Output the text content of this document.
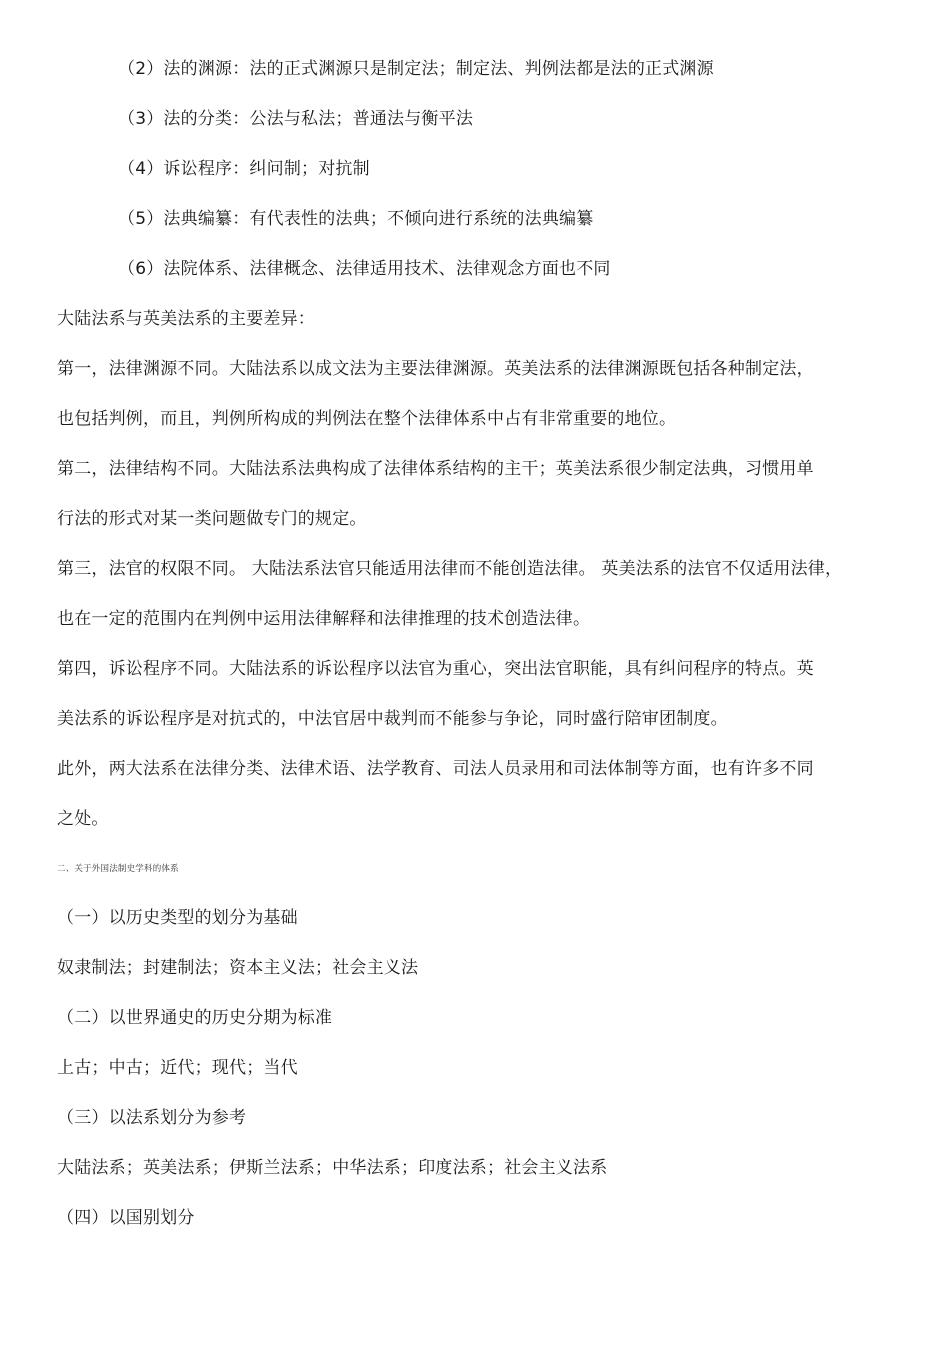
（2）法的渊源：法的正式渊源只是制定法；制定法、判例法都是法的正式渊源
（3）法的分类：公法与私法；普通法与衡平法
（4）诉讼程序：纠问制；对抗制
（5）法典编纂：有代表性的法典；不倾向进行系统的法典编纂
（6）法院体系、法律概念、法律适用技术、法律观念方面也不同
大陆法系与英美法系的主要差异：
第一，法律渊源不同。大陆法系以成文法为主要法律渊源。英美法系的法律渊源既包括各种制定法，
也包括判例，而且，判例所构成的判例法在整个法律体系中占有非常重要的地位。
第二，法律结构不同。大陆法系法典构成了法律体系结构的主干；英美法系很少制定法典，习惯用单
行法的形式对某一类问题做专门的规定。
第三，法官的权限不同。 大陆法系法官只能适用法律而不能创造法律。 英美法系的法官不仅适用法律，
也在一定的范围内在判例中运用法律解释和法律推理的技术创造法律。
第四，诉讼程序不同。大陆法系的诉讼程序以法官为重心，突出法官职能，具有纠问程序的特点。英
美法系的诉讼程序是对抗式的，中法官居中裁判而不能参与争论，同时盛行陪审团制度。
此外，两大法系在法律分类、法律术语、法学教育、司法人员录用和司法体制等方面，也有许多不同
之处。
二、关于外国法制史学科的体系
（一）以历史类型的划分为基础
奴隶制法；封建制法；资本主义法；社会主义法
（二）以世界通史的历史分期为标准
上古；中古；近代；现代；当代
（三）以法系划分为参考
大陆法系；英美法系；伊斯兰法系；中华法系；印度法系；社会主义法系
（四）以国别划分
